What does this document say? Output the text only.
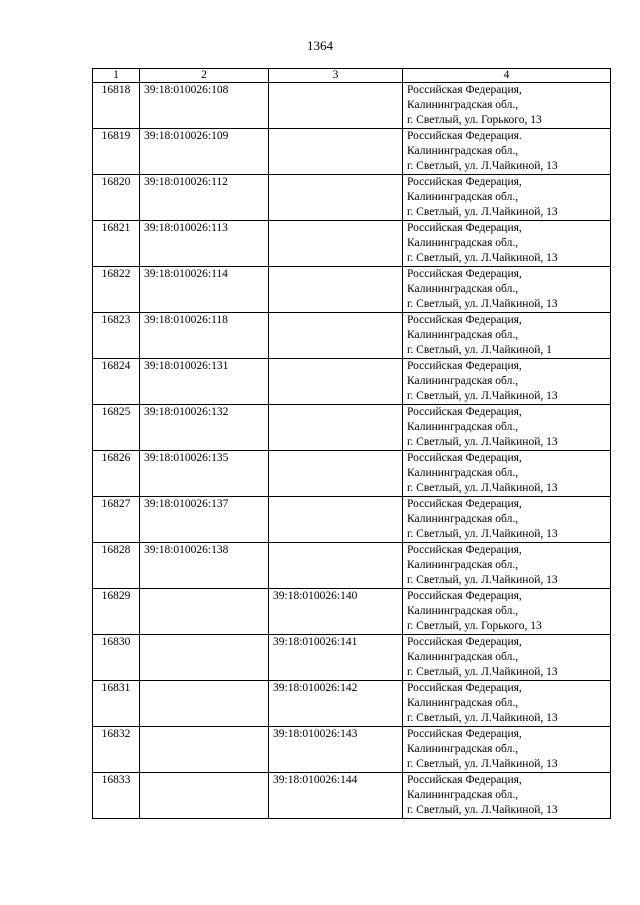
1364
1	2	3	4
16818	39:18:010026:108		Российская Федерация,
Калининградская обл.,
г. Светлый, ул. Горького, 13

16819	39:18:010026:109		Российская Федерация.
Калининградская обл.,
г. Светлый, ул. Л.Чайкиной, 13

16820	39:18:010026:112		Российская Федерация,
Калининградская обл.,
г. Светлый, ул. Л.Чайкиной, 13

16821	39:18:010026:113		Российская Федерация,
Калининградская обл.,
г. Светлый, ул. Л.Чайкиной, 13

16822	39:18:010026:114		Российская Федерация,
Калининградская обл.,
г. Светлый, ул. Л.Чайкиной, 13

16823	39:18:010026:118		Российская Федерация,
Калининградская обл.,
г. Светлый, ул. Л.Чайкиной, 1

16824	39:18:010026:131		Российская Федерация,
Калининградская обл.,
г. Светлый, ул. Л.Чайкиной, 13

16825	39:18:010026:132		Российская Федерация,
Калининградская обл.,
г. Светлый, ул. Л.Чайкиной, 13

16826	39:18:010026:135		Российская Федерация,
Калининградская обл.,
г. Светлый, ул. Л.Чайкиной, 13

16827	39:18:010026:137		Российская Федерация,
Калининградская обл.,
г. Светлый, ул. Л.Чайкиной, 13

16828	39:18:010026:138		Российская Федерация,
Калининградская обл.,
г. Светлый, ул. Л.Чайкиной, 13

16829		39:18:010026:140	Российская Федерация,
Калининградская обл.,
г. Светлый, ул. Горького, 13

16830		39:18:010026:141	Российская Федерация,
Калининградская обл.,
г. Светлый, ул. Л.Чайкиной, 13

16831		39:18:010026:142	Российская Федерация,
Калининградская обл.,
г. Светлый, ул. Л.Чайкиной, 13

16832		39:18:010026:143	Российская Федерация,
Калининградская обл.,
г. Светлый, ул. Л.Чайкиной, 13

16833		39:18:010026:144	Российская Федерация,
Калининградская обл.,
г. Светлый, ул. Л.Чайкиной, 13
